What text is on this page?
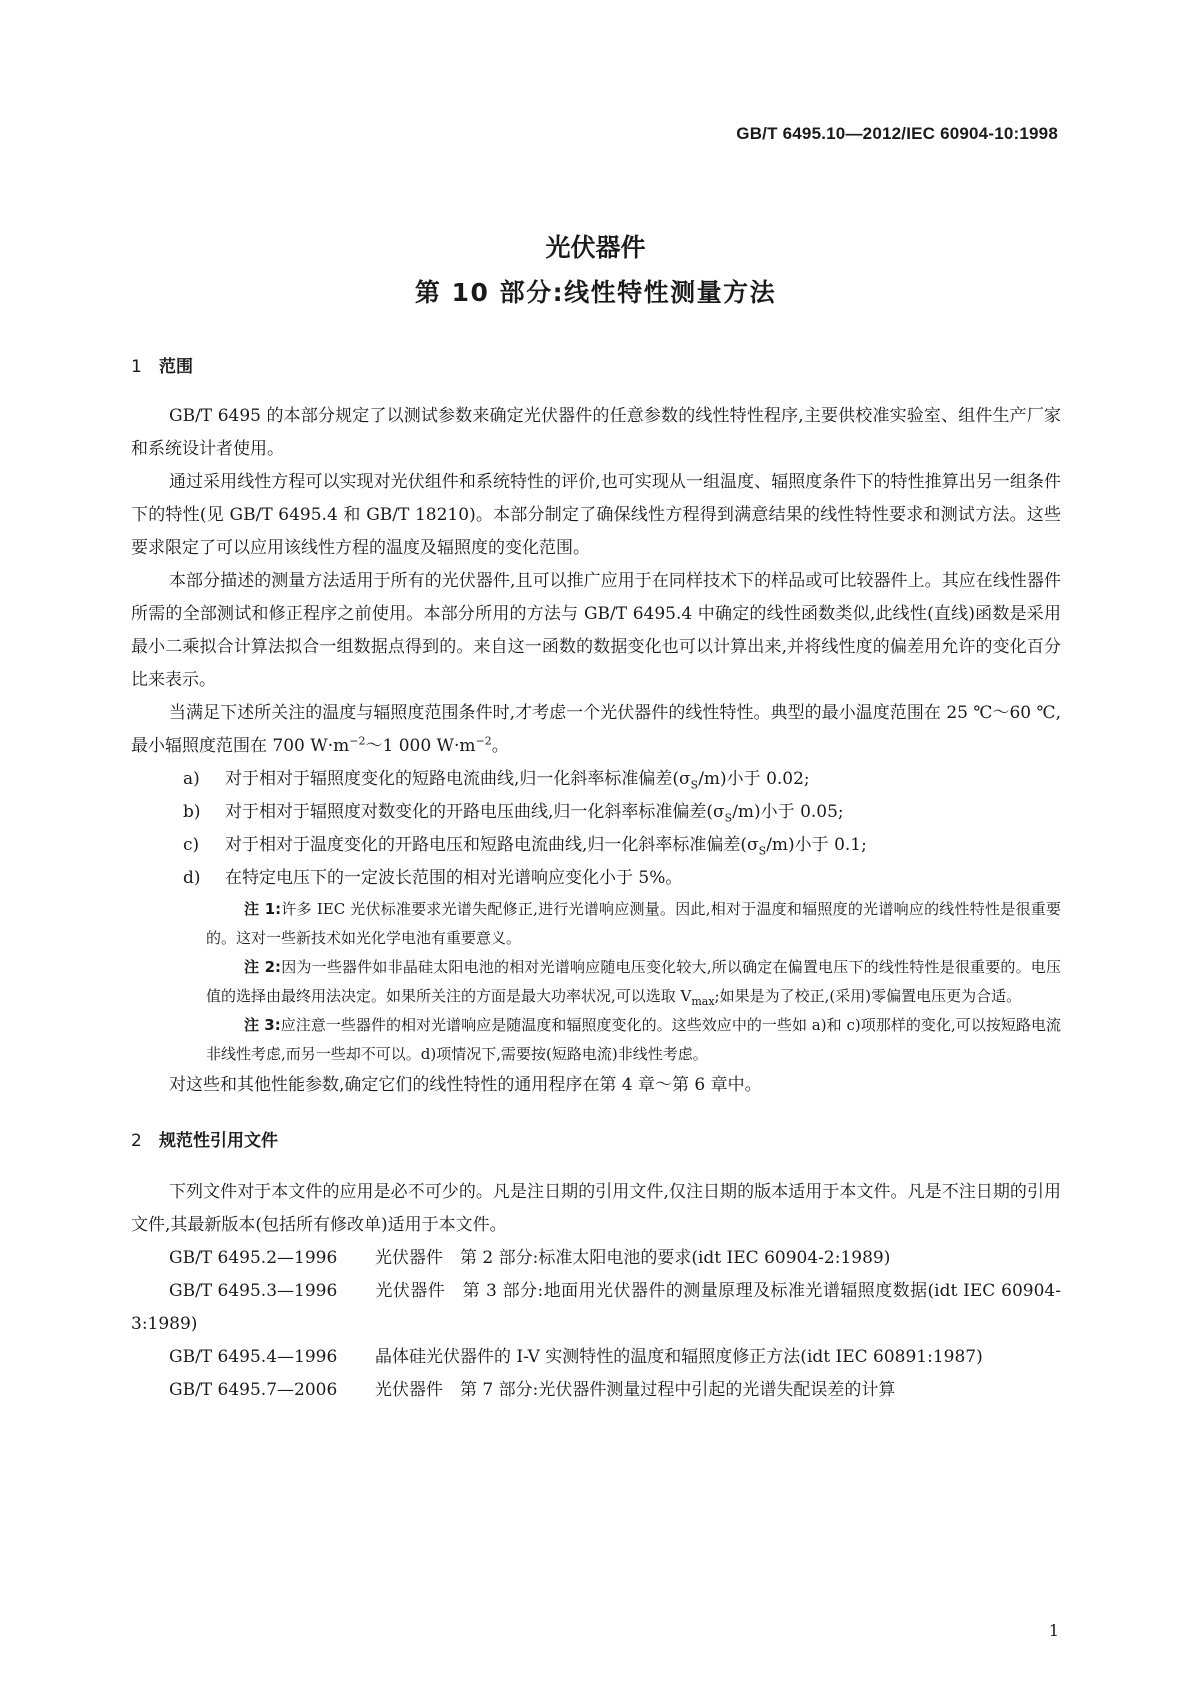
GB/T 6495.10—2012/IEC 60904-10:1998
光伏器件
第 10 部分:线性特性测量方法
1 范围

GB/T 6495 的本部分规定了以测试参数来确定光伏器件的任意参数的线性特性程序,主要供校准实验室、组件生产厂家和系统设计者使用。

通过采用线性方程可以实现对光伏组件和系统特性的评价,也可实现从一组温度、辐照度条件下的特性推算出另一组条件下的特性(见 GB/T 6495.4 和 GB/T 18210)。本部分制定了确保线性方程得到满意结果的线性特性要求和测试方法。这些要求限定了可以应用该线性方程的温度及辐照度的变化范围。

本部分描述的测量方法适用于所有的光伏器件,且可以推广应用于在同样技术下的样品或可比较器件上。其应在线性器件所需的全部测试和修正程序之前使用。本部分所用的方法与 GB/T 6495.4 中确定的线性函数类似,此线性(直线)函数是采用最小二乘拟合计算法拟合一组数据点得到的。来自这一函数的数据变化也可以计算出来,并将线性度的偏差用允许的变化百分比来表示。

当满足下述所关注的温度与辐照度范围条件时,才考虑一个光伏器件的线性特性。典型的最小温度范围在 25 ℃～60 ℃,最小辐照度范围在 700 $W\cdot m^{-2}\sim 1$ 000 $W\cdot m^{-2}$。

a) 对于相对于辐照度变化的短路电流曲线,归一化斜率标准偏差$(\sigma_S/m)$小于 0.02;

b) 对于相对于辐照度对数变化的开路电压曲线,归一化斜率标准偏差$(\sigma_S/m)$小于 0.05;

c) 对于相对于温度变化的开路电压和短路电流曲线,归一化斜率标准偏差$(\sigma_S/m)$小于 0.1;

d) 在特定电压下的一定波长范围的相对光谱响应变化小于 5%。

注 1:许多 IEC 光伏标准要求光谱失配修正,进行光谱响应测量。因此,相对于温度和辐照度的光谱响应的线性特性是很重要的。这对一些新技术如光化学电池有重要意义。

注 2:因为一些器件如非晶硅太阳电池的相对光谱响应随电压变化较大,所以确定在偏置电压下的线性特性是很重要的。电压值的选择由最终用法决定。如果所关注的方面是最大功率状况,可以选取 $V_{max}$;如果是为了校正,(采用)零偏置电压更为合适。

注 3:应注意一些器件的相对光谱响应是随温度和辐照度变化的。这些效应中的一些如 a)和 c)项那样的变化,可以按短路电流非线性考虑,而另一些却不可以。d)项情况下,需要按(短路电流)非线性考虑。

对这些和其他性能参数,确定它们的线性特性的通用程序在第 4 章～第 6 章中。

2 规范性引用文件

下列文件对于本文件的应用是必不可少的。凡是注日期的引用文件,仅注日期的版本适用于本文件。凡是不注日期的引用文件,其最新版本(包括所有修改单)适用于本文件。

GB/T 6495.2—1996 光伏器件　第 2 部分:标准太阳电池的要求(idt IEC 60904-2:1989)

GB/T 6495.3—1996 光伏器件　第 3 部分:地面用光伏器件的测量原理及标准光谱辐照度数据(idt IEC 60904-3:1989)

GB/T 6495.4—1996 晶体硅光伏器件的 I-V 实测特性的温度和辐照度修正方法(idt IEC 60891:1987)

GB/T 6495.7—2006 光伏器件　第 7 部分:光伏器件测量过程中引起的光谱失配误差的计算

1
